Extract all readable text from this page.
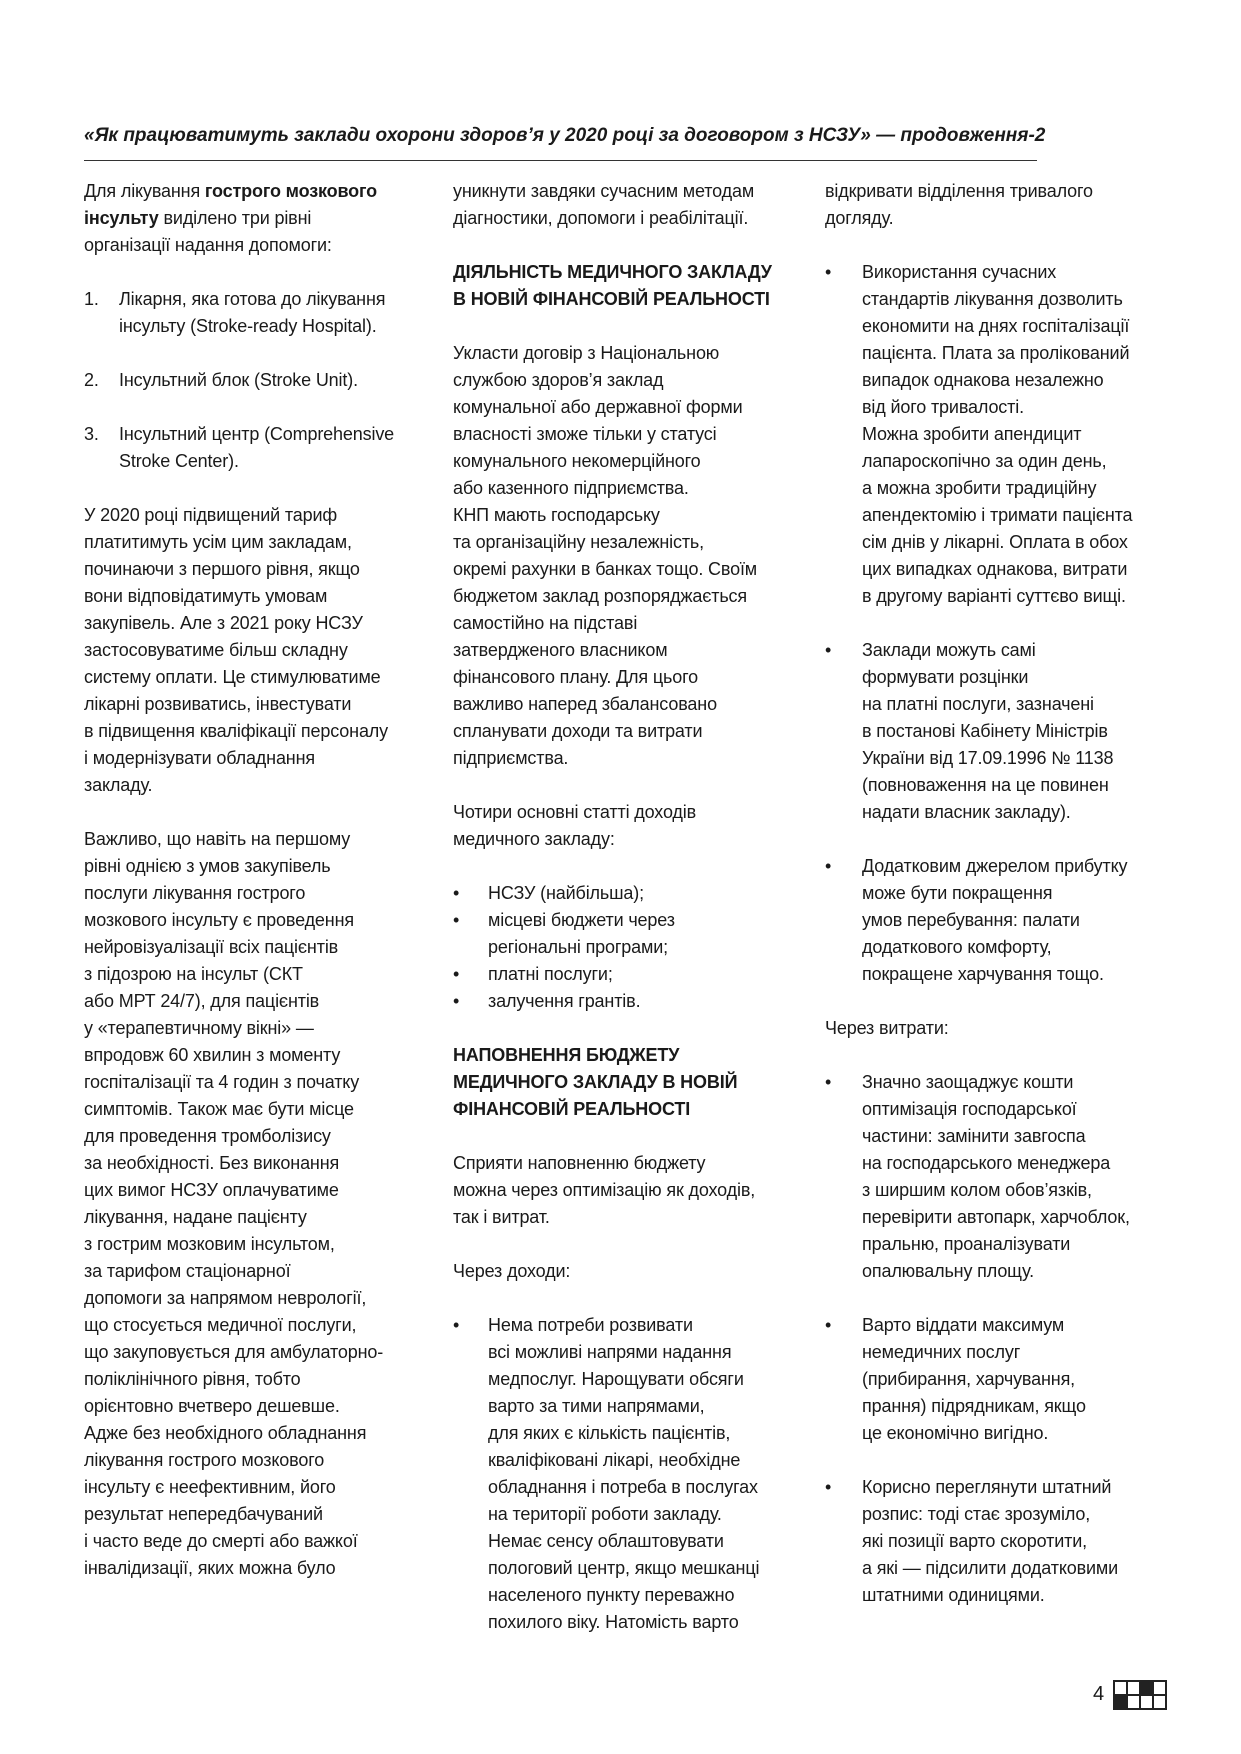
«Як працюватимуть заклади охорони здоров’я у 2020 році за договором з НСЗУ» — продовження-2

Для лікування гострого мозкового
інсульту виділено три рівні
організації надання допомоги:

1. Лікарня, яка готова до лікування
інсульту (Stroke-ready Hospital).
2. Інсультний блок (Stroke Unit).
3. Інсультний центр (Comprehensive
Stroke Center).

У 2020 році підвищений тариф
платитимуть усім цим закладам,
починаючи з першого рівня, якщо
вони відповідатимуть умовам
закупівель. Але з 2021 року НСЗУ
застосовуватиме більш складну
систему оплати. Це стимулюватиме
лікарні розвиватись, інвестувати
в підвищення кваліфікації персоналу
і модернізувати обладнання
закладу.

Важливо, що навіть на першому
рівні однією з умов закупівель
послуги лікування гострого
мозкового інсульту є проведення
нейровізуалізації всіх пацієнтів
з підозрою на інсульт (СКТ
або МРТ 24/7), для пацієнтів
у «терапевтичному вікні» —
впродовж 60 хвилин з моменту
госпіталізації та 4 годин з початку
симптомів. Також має бути місце
для проведення тромболізису
за необхідності. Без виконання
цих вимог НСЗУ оплачуватиме
лікування, надане пацієнту
з гострим мозковим інсультом,
за тарифом стаціонарної
допомоги за напрямом неврології,
що стосується медичної послуги,
що закуповується для амбулаторно-
поліклінічного рівня, тобто
орієнтовно вчетверо дешевше.
Адже без необхідного обладнання
лікування гострого мозкового
інсульту є неефективним, його
результат непередбачуваний
і часто веде до смерті або важкої
інвалідизації, яких можна було

уникнути завдяки сучасним методам
діагностики, допомоги і реабілітації.

ДІЯЛЬНІСТЬ МЕДИЧНОГО ЗАКЛАДУ
В НОВІЙ ФІНАНСОВІЙ РЕАЛЬНОСТІ

Укласти договір з Національною
службою здоров’я заклад
комунальної або державної форми
власності зможе тільки у статусі
комунального некомерційного
або казенного підприємства.
КНП мають господарську
та організаційну незалежність,
окремі рахунки в банках тощо. Своїм
бюджетом заклад розпоряджається
самостійно на підставі
затвердженого власником
фінансового плану. Для цього
важливо наперед збалансовано
спланувати доходи та витрати
підприємства.

Чотири основні статті доходів
медичного закладу:

• НСЗУ (найбільша);
• місцеві бюджети через
регіональні програми;
• платні послуги;
• залучення грантів.
НАПОВНЕННЯ БЮДЖЕТУ
МЕДИЧНОГО ЗАКЛАДУ В НОВІЙ
ФІНАНСОВІЙ РЕАЛЬНОСТІ

Сприяти наповненню бюджету
можна через оптимізацію як доходів,
так і витрат.

Через доходи:

• Нема потреби розвивати
всі можливі напрями надання
медпослуг. Нарощувати обсяги
варто за тими напрямами,
для яких є кількість пацієнтів,
кваліфіковані лікарі, необхідне
обладнання і потреба в послугах
на території роботи закладу.
Немає сенсу облаштовувати
пологовий центр, якщо мешканці
населеного пункту переважно
похилого віку. Натомість варто

відкривати відділення тривалого
догляду.

• Використання сучасних
стандартів лікування дозволить
економити на днях госпіталізації
пацієнта. Плата за пролікований
випадок однакова незалежно
від його тривалості.
Можна зробити апендицит
лапароскопічно за один день,
а можна зробити традиційну
апендектомію і тримати пацієнта
сім днів у лікарні. Оплата в обох
цих випадках однакова, витрати
в другому варіанті суттєво вищі.
• Заклади можуть самі
формувати розцінки
на платні послуги, зазначені
в постанові Кабінету Міністрів
України від 17.09.1996 № 1138
(повноваження на це повинен
надати власник закладу).
• Додатковим джерелом прибутку
може бути покращення
умов перебування: палати
додаткового комфорту,
покращене харчування тощо.

Через витрати:

• Значно заощаджує кошти
оптимізація господарської
частини: замінити завгоспа
на господарського менеджера
з ширшим колом обов’язків,
перевірити автопарк, харчоблок,
пральню, проаналізувати
опалювальну площу.
• Варто віддати максимум
немедичних послуг
(прибирання, харчування,
прання) підрядникам, якщо
це економічно вигідно.
• Корисно переглянути штатний
розпис: тоді стає зрозуміло,
які позиції варто скоротити,
а які — підсилити додатковими
штатними одиницями.
4
